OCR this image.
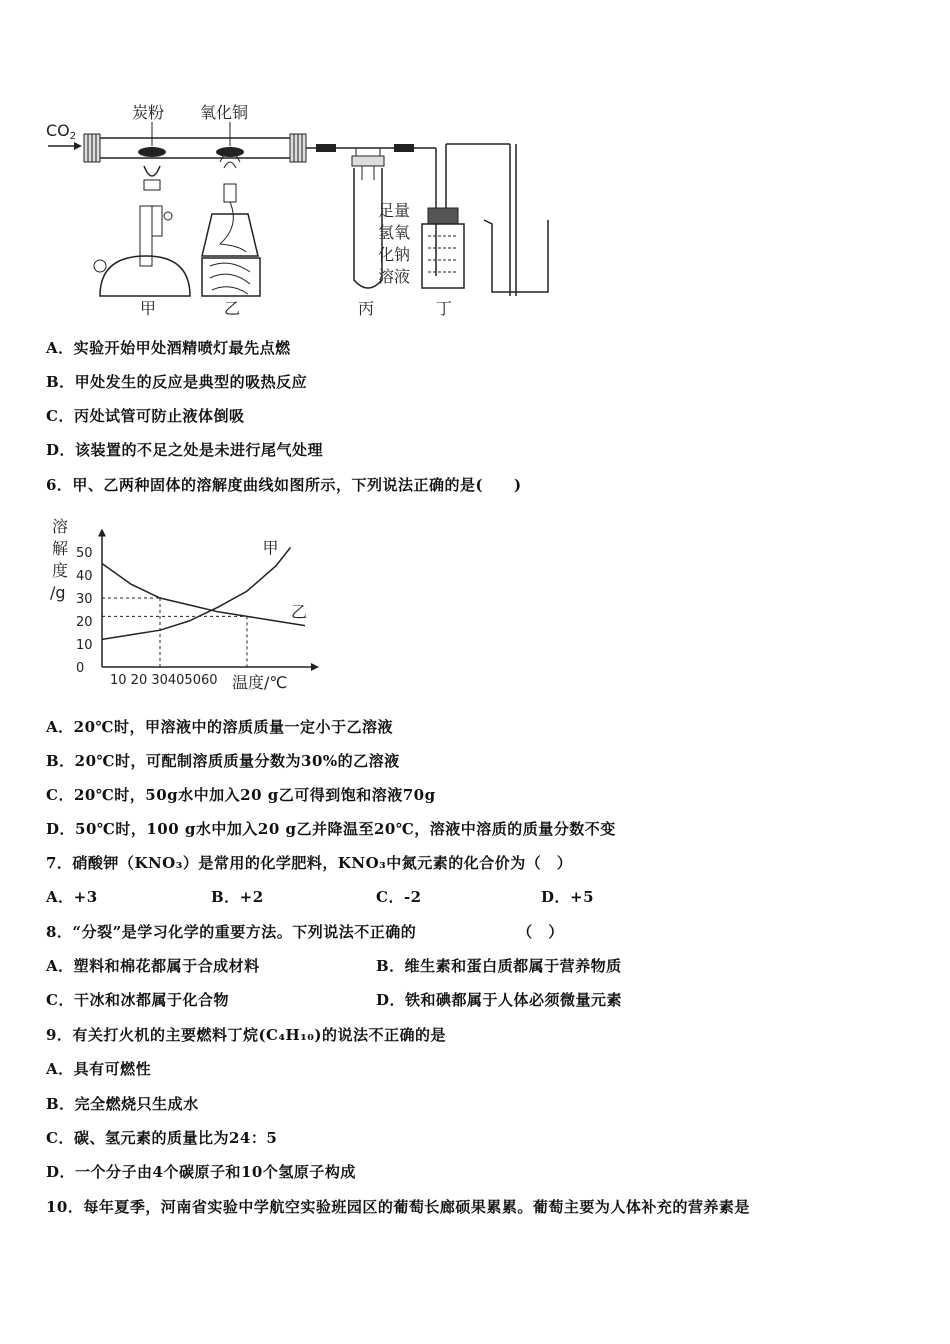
CO2
炭粉 氧化铜
甲	乙	丙
足量
氢氧
化钠
溶液
丁
A．实验开始甲处酒精喷灯最先点燃
B．甲处发生的反应是典型的吸热反应
C．丙处试管可防止液体倒吸
D．该装置的不足之处是未进行尾气处理
6．甲、乙两种固体的溶解度曲线如图所示，下列说法正确的是(　　)
溶
解
度
/g
温度/℃
10 20 30405060
0
10
20
30
40
50	甲
乙
A．20℃时，甲溶液中的溶质质量一定小于乙溶液
B．20℃时，可配制溶质质量分数为30%的乙溶液
C．20℃时，50g水中加入20 g乙可得到饱和溶液70g
D．50℃时，100 g水中加入20 g乙并降温至20℃，溶液中溶质的质量分数不变
7．硝酸钾（KNO₃）是常用的化学肥料，KNO₃中氮元素的化合价为（　）
A．+3	B．+2	C．-2	D．+5
8．“分裂”是学习化学的重要方法。下列说法不正确的　　　　　　　（　）
A．塑料和棉花都属于合成材料	B．维生素和蛋白质都属于营养物质
C．干冰和冰都属于化合物	D．铁和碘都属于人体必须微量元素
9．有关打火机的主要燃料丁烷(C₄H₁₀)的说法不正确的是
A．具有可燃性
B．完全燃烧只生成水
C．碳、氢元素的质量比为24：5
D．一个分子由4个碳原子和10个氢原子构成
10．每年夏季，河南省实验中学航空实验班园区的葡萄长廊硕果累累。葡萄主要为人体补充的营养素是
